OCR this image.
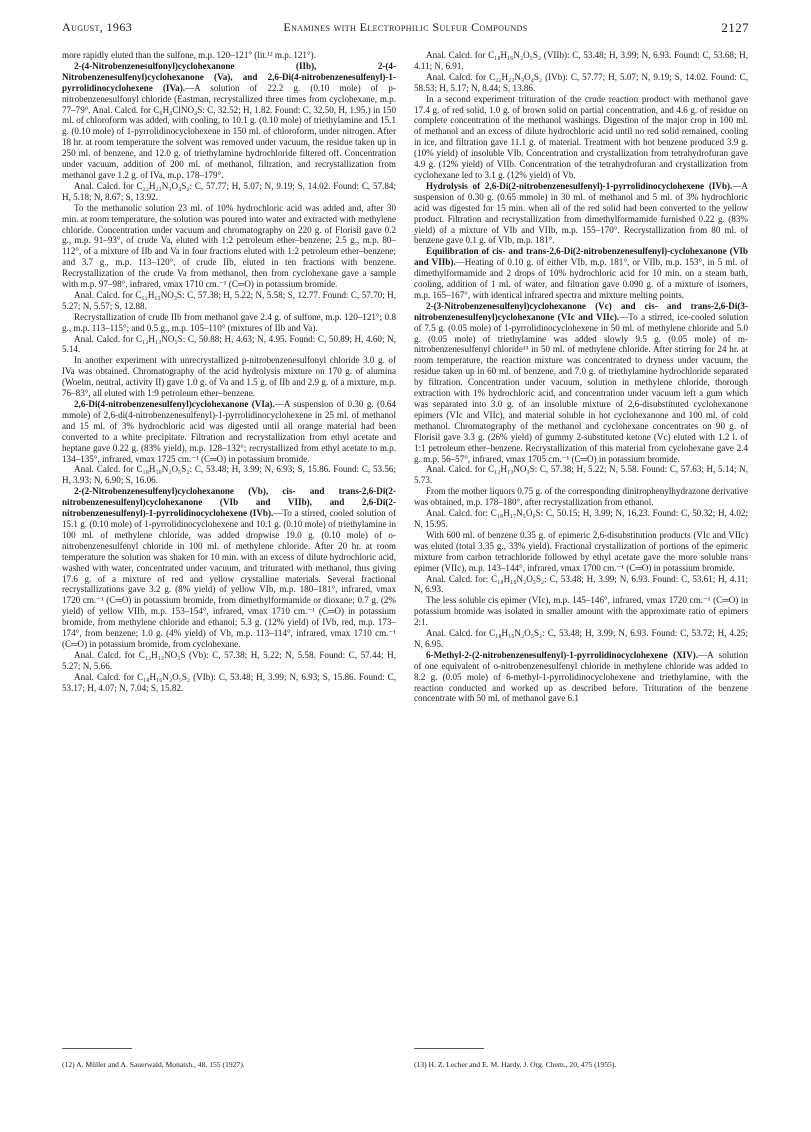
August, 1963	Enamines with Electrophilic Sulfur Compounds	2127

more rapidly eluted than the sulfone, m.p. 120–121° (lit.¹² m.p. 121°).

2-(4-Nitrobenzenesulfonyl)cyclohexanone (IIb), 2-(4-Nitrobenzenesulfenyl)cyclohexanone (Va), and 2,6-Di(4-nitrobenzenesulfenyl)-1-pyrrolidinocyclohexene (IVa).—A solution of 22.2 g. (0.10 mole) of p-nitrobenzenesulfonyl chloride (Eastman, recrystallized three times from cyclohexane, m.p. 77–79°. Anal. Calcd. for C₆H₄ClNO₄S: C, 32.52; H, 1.82. Found: C, 32.50, H, 1.95.) in 150 ml. of chloroform was added, with cooling, to 10.1 g. (0.10 mole) of triethylamine and 15.1 g. (0.10 mole) of 1-pyrrolidinocyclohexene in 150 ml. of chloroform, under nitrogen. After 18 hr. at room temperature the solvent was removed under vacuum, the residue taken up in 250 ml. of benzene, and 12.0 g. of triethylamine hydrochloride filtered off. Concentration under vacuum, addition of 200 ml. of methanol, filtration, and recrystallization from methanol gave 1.2 g. of IVa, m.p. 178–179°.

Anal. Calcd. for C₂₂H₂₃N₃O₄S₂: C, 57.77; H, 5.07; N, 9.19; S, 14.02. Found: C, 57.84; H, 5.18; N, 8.67; S, 13.92.

To the methanolic solution 23 ml. of 10% hydrochloric acid was added and, after 30 min. at room temperature, the solution was poured into water and extracted with methylene chloride. Concentration under vacuum and chromatography on 220 g. of Florisil gave 0.2 g., m.p. 91–93°, of crude Va, eluted with 1:2 petroleum ether–benzene; 2.5 g., m.p. 80–112°, of a mixture of IIb and Va in four fractions eluted with 1:2 petroleum ether–benzene; and 3.7 g., m.p. 113–120°, of crude IIb, eluted in ten fractions with benzene. Recrystallization of the crude Va from methanol, then from cyclohexane gave a sample with m.p. 97–98°, infrared, νmax 1710 cm.⁻¹ (C═O) in potassium bromide.

Anal. Calcd. for C₁₂H₁₃NO₃S: C, 57.38; H, 5.22; N, 5.58; S, 12.77. Found: C, 57.70; H, 5.27; N, 5.57; S, 12.88.

Recrystallization of crude IIb from methanol gave 2.4 g. of sulfone, m.p. 120–121°; 0.8 g., m.p. 113–115°; and 0.5 g., m.p. 105–110° (mixtures of IIb and Va).

Anal. Calcd. for C₁₂H₁₃NO₅S: C, 50.88; H, 4.63; N, 4.95. Found: C, 50.89; H, 4.60; N, 5.14.

In another experiment with unrecrystallized p-nitrobenzenesulfonyl chloride 3.0 g. of IVa was obtained. Chromatography of the acid hydrolysis mixture on 170 g. of alumina (Woelm, neutral, activity II) gave 1.0 g. of Va and 1.5 g. of IIb and 2.9 g. of a mixture, m.p. 76–83°, all eluted with 1:9 petroleum ether–benzene.

2,6-Di(4-nitrobenzenesulfenyl)cyclohexanone (VIa).—A suspension of 0.30 g. (0.64 mmole) of 2,6-di(4-nitrobenzenesulfenyl)-1-pyrrolidinocyclohexene in 25 ml. of methanol and 15 ml. of 3% hydrochloric acid was digested until all orange material had been converted to a white precipitate. Filtration and recrystallization from ethyl acetate and heptane gave 0.22 g. (83% yield), m.p. 128–132°; recrystallized from ethyl acetate to m.p. 134–135°, infrared, νmax 1725 cm.⁻¹ (C═O) in potassium bromide.

Anal. Calcd. for C₁₈H₁₆N₂O₅S₂: C, 53.48; H, 3.99; N, 6.93; S, 15.86. Found: C, 53.56; H, 3.93; N, 6.90; S, 16.06.

2-(2-Nitrobenzenesulfenyl)cyclohexanone (Vb), cis- and trans-2,6-Di(2-nitrobenzenesulfenyl)cyclohexanone (VIb and VIIb), and 2,6-Di(2-nitrobenzenesulfenyl)-1-pyrrolidinocyclohexene (IVb).—To a stirred, cooled solution of 15.1 g. (0.10 mole) of 1-pyrrolidinocyclohexene and 10.1 g. (0.10 mole) of triethylamine in 100 ml. of methylene chloride, was added dropwise 19.0 g. (0.10 mole) of o-nitrobenzenesulfenyl chloride in 100 ml. of methylene chloride. After 20 hr. at room temperature the solution was shaken for 10 min. with an excess of dilute hydrochloric acid, washed with water, concentrated under vacuum, and triturated with methanol, thus giving 17.6 g. of a mixture of red and yellow crystalline materials. Several fractional recrystallizations gave 3.2 g. (8% yield) of yellow VIb, m.p. 180–181°, infrared, νmax 1720 cm.⁻¹ (C═O) in potassium bromide, from dimethylformamide or dioxane; 0.7 g. (2% yield) of yellow VIIb, m.p. 153–154°, infrared, νmax 1710 cm.⁻¹ (C═O) in potassium bromide, from methylene chloride and ethanol; 5.3 g. (12% yield) of IVb, red, m.p. 173–174°, from benzene; 1.0 g. (4% yield) of Vb, m.p. 113–114°, infrared, νmax 1710 cm.⁻¹ (C═O) in potassium bromide, from cyclohexane.

Anal. Calcd. for C₁₂H₁₃NO₃S (Vb): C, 57.38; H, 5.22; N, 5.58. Found: C, 57.44; H, 5.27; N, 5.66.

Anal. Calcd. for C₁₈H₁₆N₂O₅S₂ (VIb): C, 53.48; H, 3.99; N, 6.93; S, 15.86. Found: C, 53.17; H, 4.07; N, 7.04; S, 15.82.

Anal. Calcd. for C₁₈H₁₆N₂O₅S₂ (VIIb): C, 53.48; H, 3.99; N, 6.93. Found: C, 53.68; H, 4.11; N, 6.91.

Anal. Calcd. for C₂₂H₂₃N₃O₄S₂ (IVb): C, 57.77; H, 5.07; N, 9.19; S, 14.02. Found: C, 58.53; H, 5.17; N, 8.44; S, 13.86.

In a second experiment trituration of the crude reaction product with methanol gave 17.4 g. of red solid, 1.0 g. of brown solid on partial concentration, and 4.6 g. of residue on complete concentration of the methanol washings. Digestion of the major crop in 100 ml. of methanol and an excess of dilute hydrochloric acid until no red solid remained, cooling in ice, and filtration gave 11.1 g. of material. Treatment with hot benzene produced 3.9 g. (10% yield) of insoluble VIb. Concentration and crystallization from tetrahydrofuran gave 4.9 g. (12% yield) of VIIb. Concentration of the tetrahydrofuran and crystallization from cyclohexane led to 3.1 g. (12% yield) of Vb.

Hydrolysis of 2,6-Di(2-nitrobenzenesulfenyl)-1-pyrrolidinocyclohexene (IVb).—A suspension of 0.30 g. (0.65 mmole) in 30 ml. of methanol and 5 ml. of 3% hydrochloric acid was digested for 15 min. when all of the red solid had been converted to the yellow product. Filtration and recrystallization from dimethylformamide furnished 0.22 g. (83% yield) of a mixture of VIb and VIIb, m.p. 155–170°. Recrystallization from 80 ml. of benzene gave 0.1 g. of VIb, m.p. 181°.

Equilibration of cis- and trans-2,6-Di(2-nitrobenzenesulfenyl)-cyclohexanone (VIb and VIIb).—Heating of 0.10 g. of either VIb, m.p. 181°, or VIIb, m.p. 153°, in 5 ml. of dimethylformamide and 2 drops of 10% hydrochloric acid for 10 min. on a steam bath, cooling, addition of 1 ml. of water, and filtration gave 0.090 g. of a mixture of isomers, m.p. 165–167°, with identical infrared spectra and mixture melting points.

2-(3-Nitrobenzenesulfenyl)cyclohexanone (Vc) and cis- and trans-2,6-Di(3-nitrobenzenesulfenyl)cyclohexanone (VIc and VIIc).—To a stirred, ice-cooled solution of 7.5 g. (0.05 mole) of 1-pyrrolidinocyclohexene in 50 ml. of methylene chloride and 5.0 g. (0.05 mole) of triethylamine was added slowly 9.5 g. (0.05 mole) of m-nitrobenzenesulfenyl chloride¹³ in 50 ml. of methylene chloride. After stirring for 24 hr. at room temperature, the reaction mixture was concentrated to dryness under vacuum, the residue taken up in 60 ml. of benzene, and 7.0 g. of triethylamine hydrochloride separated by filtration. Concentration under vacuum, solution in methylene chloride, thorough extraction with 1% hydrochloric acid, and concentration under vacuum left a gum which was separated into 3.0 g. of an insoluble mixture of 2,6-disubstituted cyclohexanone epimers (VIc and VIIc), and material soluble in hot cyclohexanone and 100 ml. of cold methanol. Chromatography of the methanol and cyclohexane concentrates on 90 g. of Florisil gave 3.3 g. (26% yield) of gummy 2-substituted ketone (Vc) eluted with 1.2 l. of 1:1 petroleum ether–benzene. Recrystallization of this material from cyclohexane gave 2.4 g. m.p. 56–57°, infrared, νmax 1705 cm.⁻¹ (C═O) in potassium bromide.

Anal. Calcd. for C₁₂H₁₃NO₃S: C, 57.38; H, 5.22; N, 5.58. Found: C, 57.63; H, 5.14; N, 5.73.

From the mother liquors 0.75 g. of the corresponding dinitrophenylhydrazone derivative was obtained, m.p. 178–180°, after recrystallization from ethanol.

Anal. Calcd. for: C₁₈H₁₇N₅O₆S: C, 50.15; H, 3.99; N, 16.23. Found: C, 50.32; H, 4.02; N, 15.95.

With 600 ml. of benzene 0.35 g. of epimeric 2,6-disubstitution products (VIc and VIIc) was eluted (total 3.35 g., 33% yield). Fractional crystallization of portions of the epimeric mixture from carbon tetrachloride followed by ethyl acetate gave the more soluble trans epimer (VIIc), m.p. 143–144°, infrared, νmax 1700 cm.⁻¹ (C═O) in potassium bromide.

Anal. Calcd. for: C₁₈H₁₆N₂O₅S₂: C, 53.48; H, 3.99; N, 6.93. Found: C, 53.61; H, 4.11; N, 6.93.

The less soluble cis epimer (VIc), m.p. 145–146°, infrared, νmax 1720 cm.⁻¹ (C═O) in potassium bromide was isolated in smaller amount with the approximate ratio of epimers 2:1.

Anal. Calcd. for C₁₈H₁₆N₂O₅S₂: C, 53.48; H, 3.99; N, 6.93. Found: C, 53.72; H, 4.25; N, 6.95.

6-Methyl-2-(2-nitrobenzenesulfenyl)-1-pyrrolidinocyclohexene (XIV).—A solution of one equivalent of o-nitrobenzenesulfenyl chloride in methylene chloride was added to 8.2 g. (0.05 mole) of 6-methyl-1-pyrrolidinocyclohexene and triethylamine, with the reaction conducted and worked up as described before. Trituration of the benzene concentrate with 50 ml. of methanol gave 6.1

(12) A. Müller and A. Sauerwald, Monatsh., 48, 155 (1927).	(13) H. Z. Lecher and E. M. Hardy, J. Org. Chem., 20, 475 (1955).
